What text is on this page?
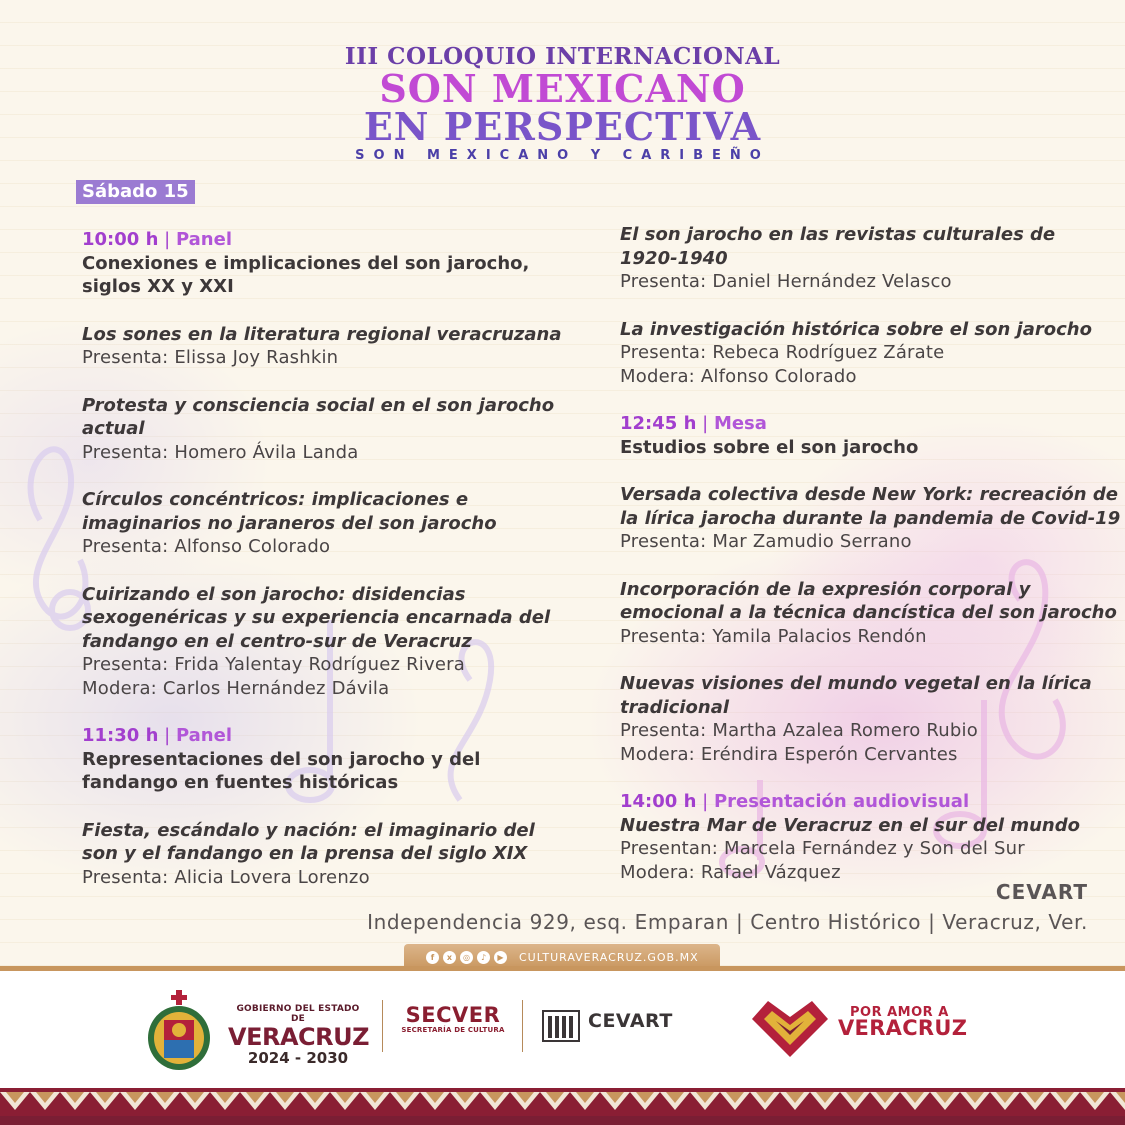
III COLOQUIO INTERNACIONAL
SON MEXICANO
EN PERSPECTIVA
SON MEXICANO Y CARIBEÑO
Sábado 15
10:00 h | Panel
Conexiones e implicaciones del son jarocho,
siglos XX y XXI
Los sones en la literatura regional veracruzana
Presenta: Elissa Joy Rashkin
Protesta y consciencia social en el son jarocho
actual
Presenta: Homero Ávila Landa
Círculos concéntricos: implicaciones e
imaginarios no jaraneros del son jarocho
Presenta: Alfonso Colorado
Cuirizando el son jarocho: disidencias
sexogenéricas y su experiencia encarnada del
fandango en el centro-sur de Veracruz
Presenta: Frida Yalentay Rodríguez Rivera
Modera: Carlos Hernández Dávila
11:30 h | Panel
Representaciones del son jarocho y del
fandango en fuentes históricas
Fiesta, escándalo y nación: el imaginario del
son y el fandango en la prensa del siglo XIX
Presenta: Alicia Lovera Lorenzo
El son jarocho en las revistas culturales de
1920-1940
Presenta: Daniel Hernández Velasco
La investigación histórica sobre el son jarocho
Presenta: Rebeca Rodríguez Zárate
Modera: Alfonso Colorado
12:45 h | Mesa
Estudios sobre el son jarocho
Versada colectiva desde New York: recreación de
la lírica jarocha durante la pandemia de Covid-19
Presenta: Mar Zamudio Serrano
Incorporación de la expresión corporal y
emocional a la técnica dancística del son jarocho
Presenta: Yamila Palacios Rendón
Nuevas visiones del mundo vegetal en la lírica
tradicional
Presenta: Martha Azalea Romero Rubio
Modera: Eréndira Esperón Cervantes
14:00 h | Presentación audiovisual
Nuestra Mar de Veracruz en el sur del mundo
Presentan: Marcela Fernández y Son del Sur
Modera: Rafael Vázquez
CEVART
Independencia 929, esq. Emparan | Centro Histórico | Veracruz, Ver.
f	x	◎	♪	▶	CULTURAVERACRUZ.GOB.MX
GOBIERNO DEL ESTADO DE
VERACRUZ
2024 - 2030
SECVER
SECRETARÍA DE CULTURA	CEVART	POR AMOR A
VERACRUZ
